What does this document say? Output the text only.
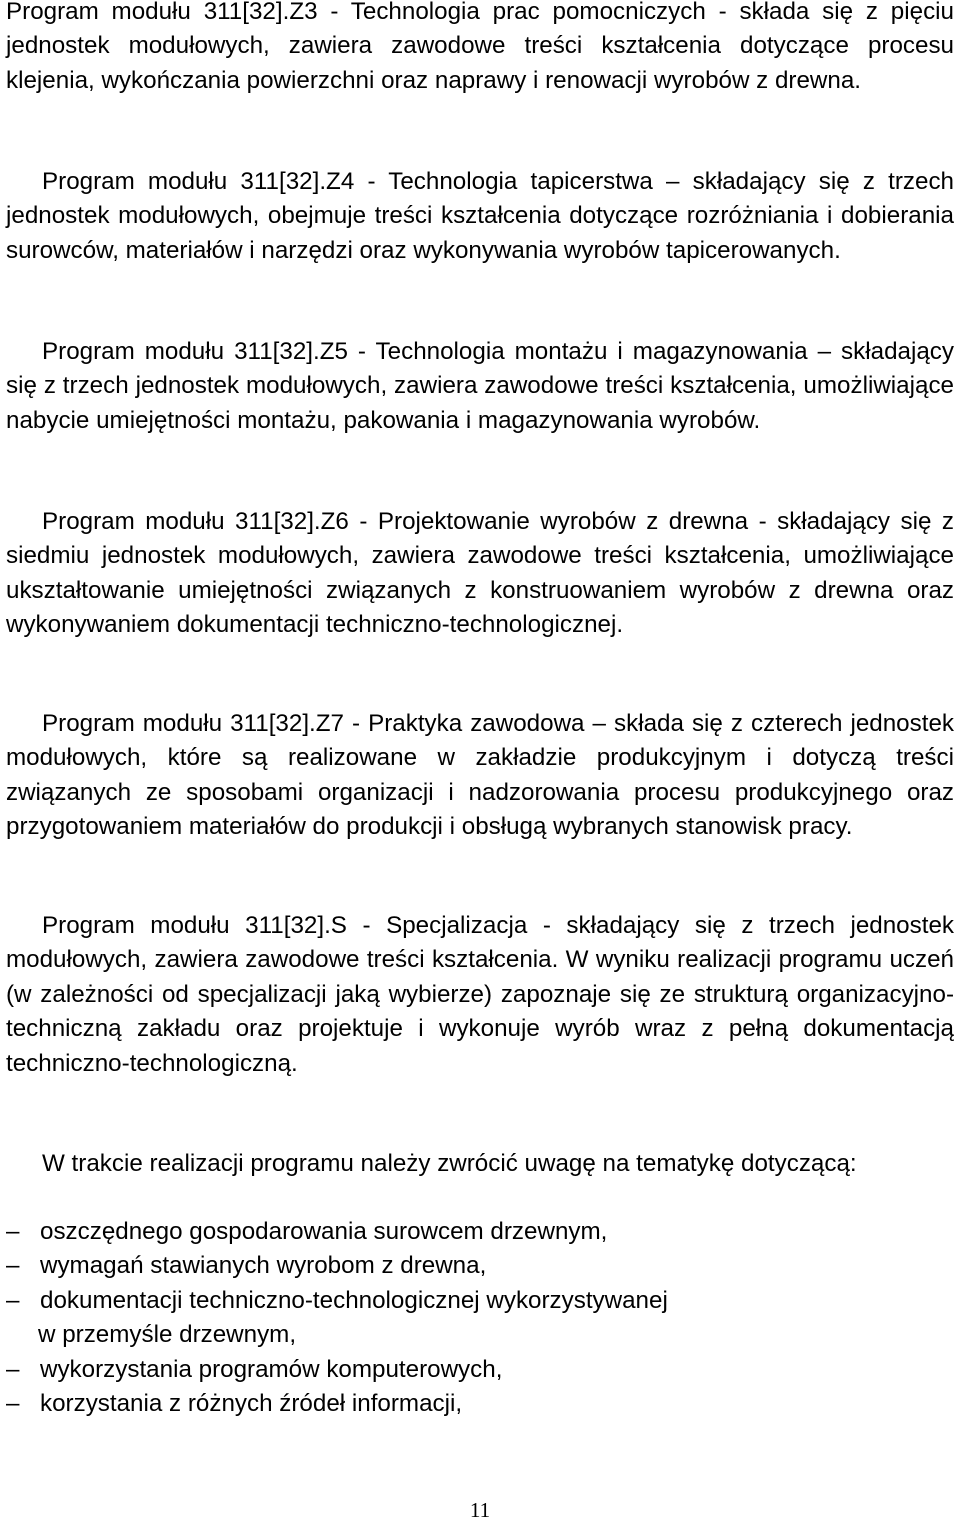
Program modułu 311[32].Z3 - Technologia prac pomocniczych - składa się z pięciu jednostek modułowych, zawiera zawodowe treści kształcenia dotyczące procesu klejenia, wykończania powierzchni oraz naprawy i renowacji wyrobów z drewna.

Program modułu 311[32].Z4 - Technologia tapicerstwa – składający się z trzech jednostek modułowych, obejmuje treści kształcenia dotyczące rozróżniania i dobierania surowców, materiałów i narzędzi oraz wykonywania wyrobów tapicerowanych.

Program modułu 311[32].Z5 - Technologia montażu i magazynowania – składający się z trzech jednostek modułowych, zawiera zawodowe treści kształcenia, umożliwiające nabycie umiejętności montażu, pakowania i magazynowania wyrobów.

Program modułu 311[32].Z6 - Projektowanie wyrobów z drewna - składający się z siedmiu jednostek modułowych, zawiera zawodowe treści kształcenia, umożliwiające ukształtowanie umiejętności związanych z konstruowaniem wyrobów z drewna oraz wykonywaniem dokumentacji techniczno-technologicznej.

Program modułu 311[32].Z7 - Praktyka zawodowa – składa się z czterech jednostek modułowych, które są realizowane w zakładzie produkcyjnym i dotyczą treści związanych ze sposobami organizacji i nadzorowania procesu produkcyjnego oraz przygotowaniem materiałów do produkcji i obsługą wybranych stanowisk pracy.

Program modułu 311[32].S - Specjalizacja - składający się z trzech jednostek modułowych, zawiera zawodowe treści kształcenia. W wyniku realizacji programu uczeń (w zależności od specjalizacji jaką wybierze) zapoznaje się ze strukturą organizacyjno-techniczną zakładu oraz projektuje i wykonuje wyrób wraz z pełną dokumentacją techniczno-technologiczną.

W trakcie realizacji programu należy zwrócić uwagę na tematykę dotyczącą:

– oszczędnego gospodarowania surowcem drzewnym,
– wymagań stawianych wyrobom z drewna,
– dokumentacji techniczno-technologicznej wykorzystywanej
w przemyśle drzewnym,
– wykorzystania programów komputerowych,
– korzystania z różnych źródeł informacji,
11
